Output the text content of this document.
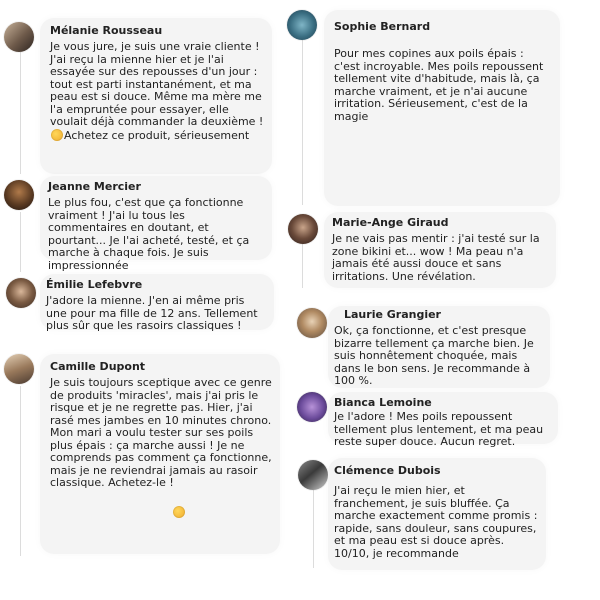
Mélanie Rousseau
Je vous jure, je suis une vraie cliente ! J'ai reçu la mienne hier et je l'ai essayée sur des repousses d'un jour : tout est parti instantanément, et ma peau est si douce. Même ma mère me l'a empruntée pour essayer, elle voulait déjà commander la deuxième ! Achetez ce produit, sérieusement
Jeanne Mercier
Le plus fou, c'est que ça fonctionne vraiment ! J'ai lu tous les commentaires en doutant, et pourtant... Je l'ai acheté, testé, et ça marche à chaque fois. Je suis impressionnée
Émilie Lefebvre
J'adore la mienne. J'en ai même pris une pour ma fille de 12 ans. Tellement plus sûr que les rasoirs classiques !
Camille Dupont
Je suis toujours sceptique avec ce genre de produits 'miracles', mais j'ai pris le risque et je ne regrette pas. Hier, j'ai rasé mes jambes en 10 minutes chrono. Mon mari a voulu tester sur ses poils plus épais : ça marche aussi ! Je ne comprends pas comment ça fonctionne, mais je ne reviendrai jamais au rasoir classique. Achetez-le !
Sophie Bernard
Pour mes copines aux poils épais : c'est incroyable. Mes poils repoussent tellement vite d'habitude, mais là, ça marche vraiment, et je n'ai aucune irritation. Sérieusement, c'est de la magie
Marie-Ange Giraud
Je ne vais pas mentir : j'ai testé sur la zone bikini et... wow ! Ma peau n'a jamais été aussi douce et sans irritations. Une révélation.
Laurie Grangier
Ok, ça fonctionne, et c'est presque bizarre tellement ça marche bien. Je suis honnêtement choquée, mais dans le bon sens. Je recommande à 100 %.
Bianca Lemoine
Je l'adore ! Mes poils repoussent tellement plus lentement, et ma peau reste super douce. Aucun regret.
Clémence Dubois
J'ai reçu le mien hier, et franchement, je suis bluffée. Ça marche exactement comme promis : rapide, sans douleur, sans coupures, et ma peau est si douce après. 10/10, je recommande
